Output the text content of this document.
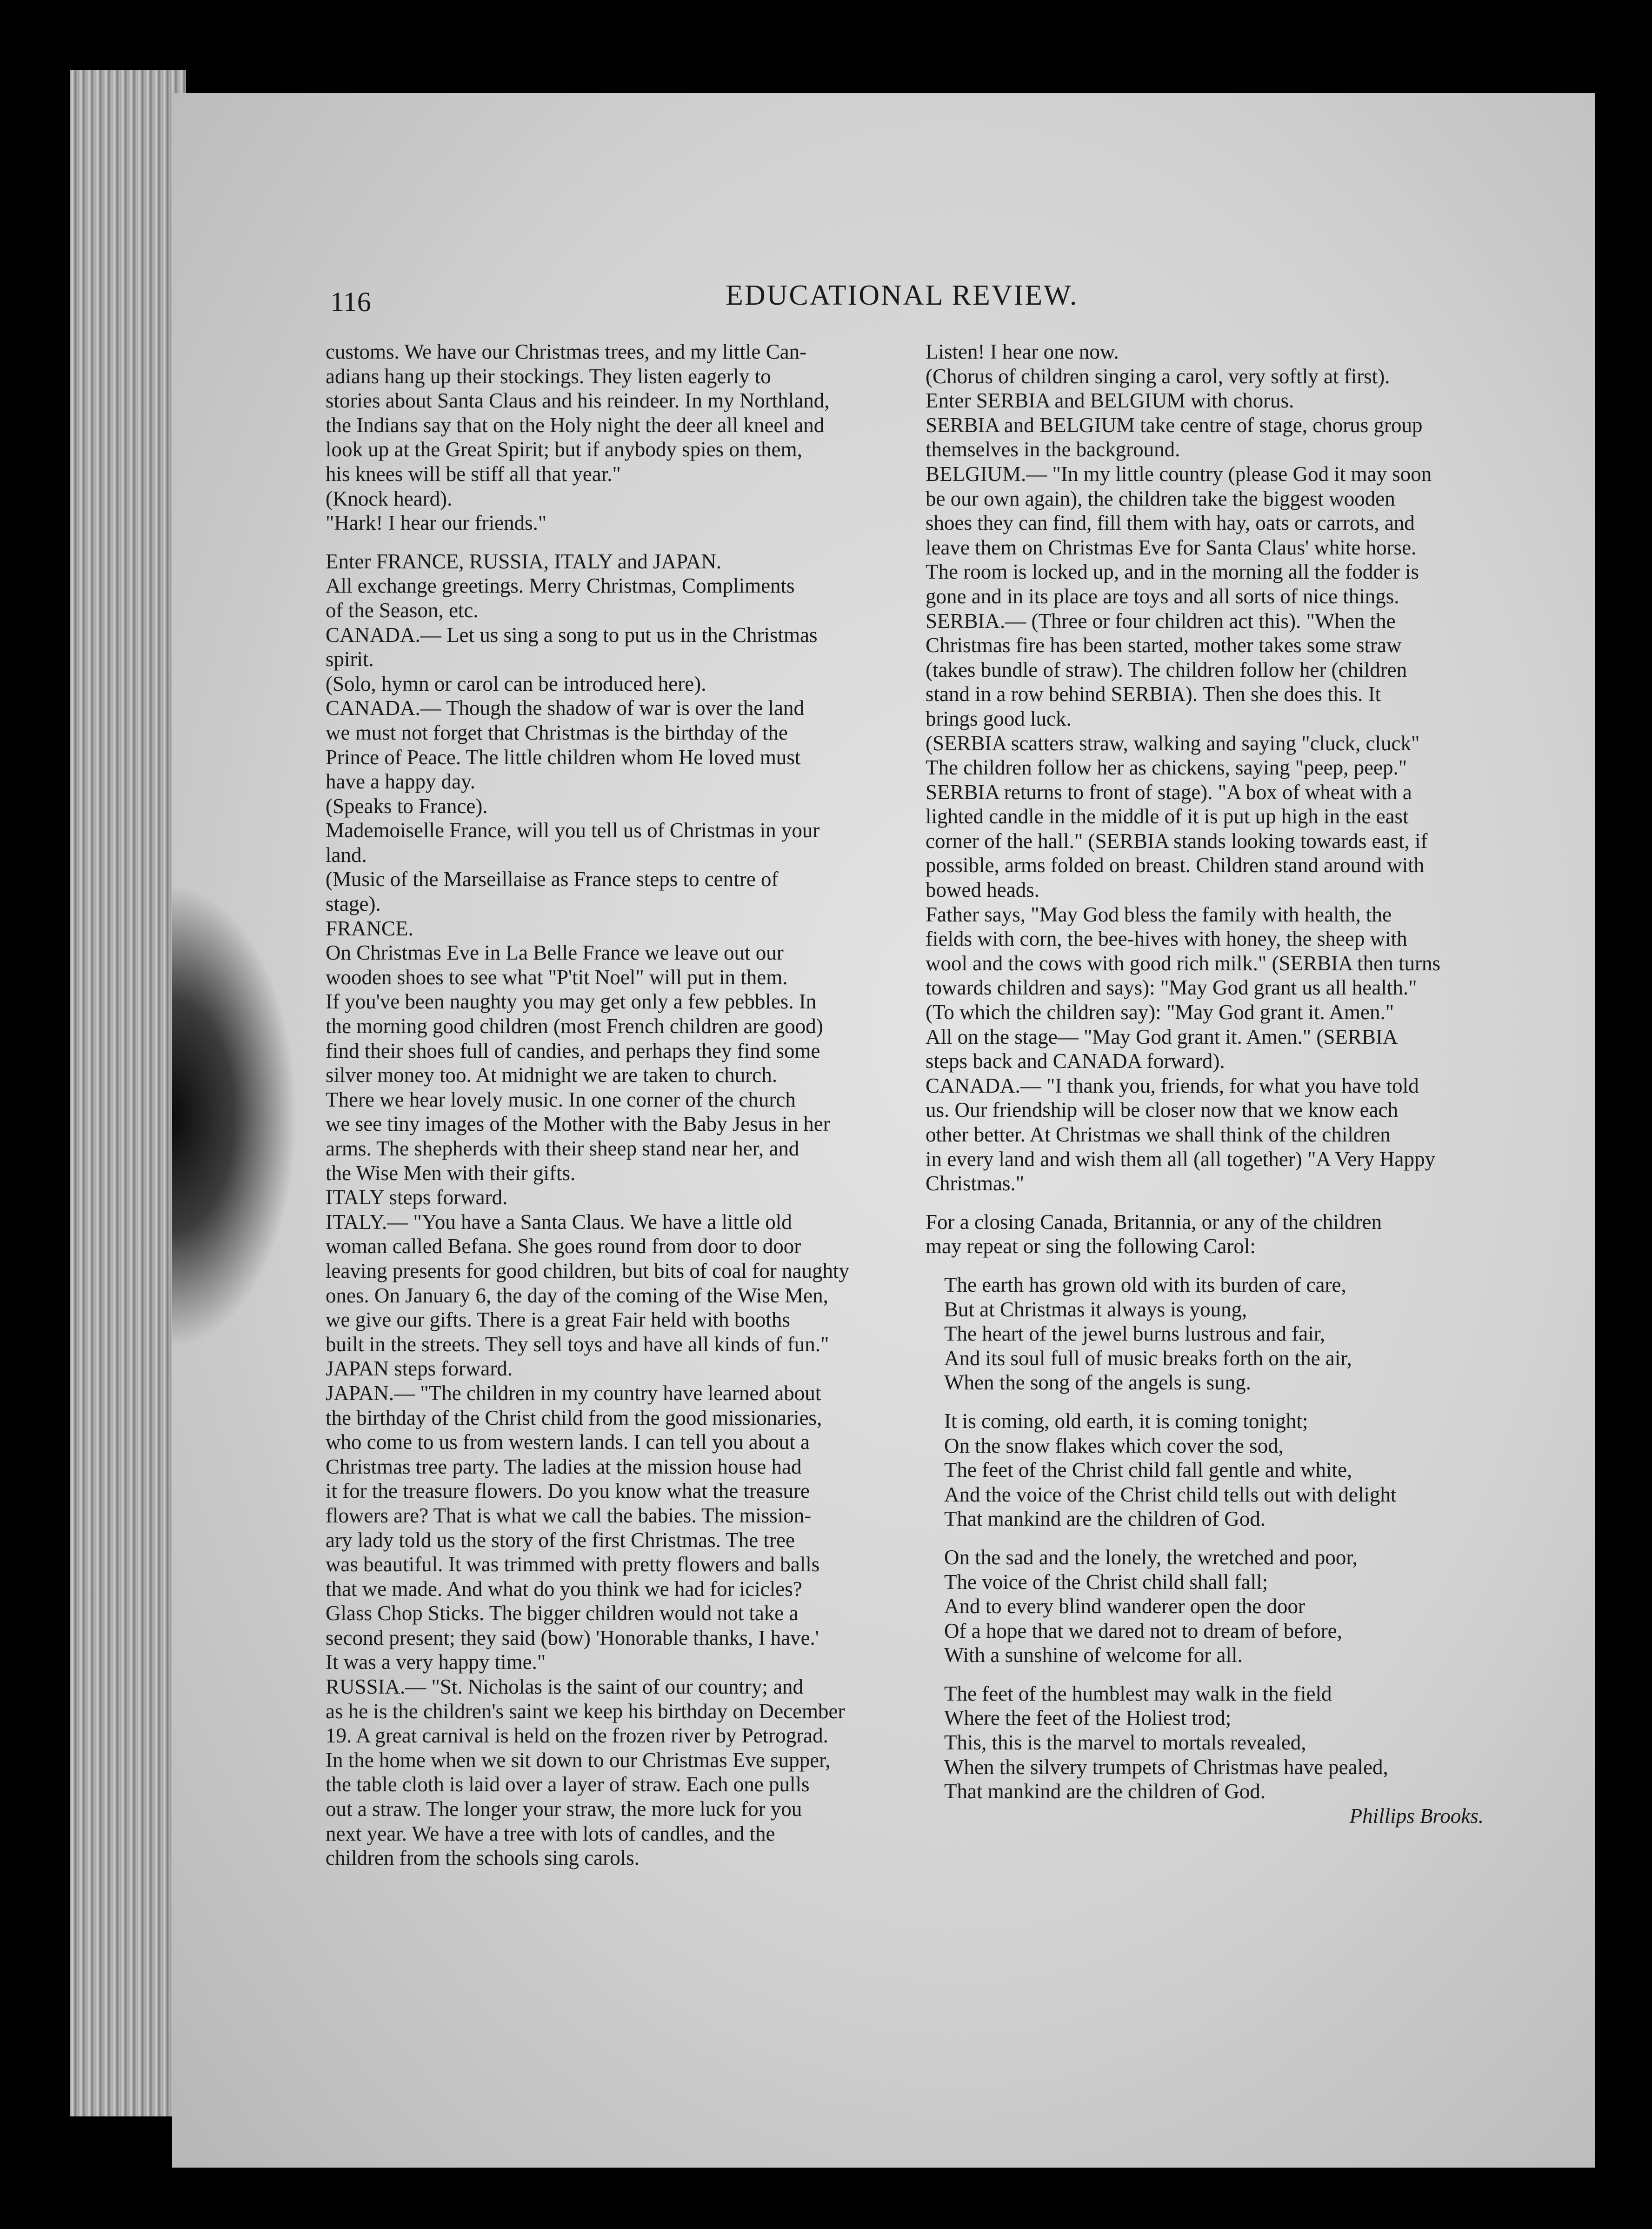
116	EDUCATIONAL REVIEW.
customs. We have our Christmas trees, and my little Can-
adians hang up their stockings. They listen eagerly to
stories about Santa Claus and his reindeer. In my Northland,
the Indians say that on the Holy night the deer all kneel and
look up at the Great Spirit; but if anybody spies on them,
his knees will be stiff all that year."
(Knock heard).
"Hark! I hear our friends."
Enter FRANCE, RUSSIA, ITALY and JAPAN.
All exchange greetings. Merry Christmas, Compliments
of the Season, etc.
CANADA.— Let us sing a song to put us in the Christmas
spirit.
(Solo, hymn or carol can be introduced here).
CANADA.— Though the shadow of war is over the land
we must not forget that Christmas is the birthday of the
Prince of Peace. The little children whom He loved must
have a happy day.
(Speaks to France).
Mademoiselle France, will you tell us of Christmas in your
land.
(Music of the Marseillaise as France steps to centre of
stage).
FRANCE.
On Christmas Eve in La Belle France we leave out our
wooden shoes to see what "P'tit Noel" will put in them.
If you've been naughty you may get only a few pebbles. In
the morning good children (most French children are good)
find their shoes full of candies, and perhaps they find some
silver money too. At midnight we are taken to church.
There we hear lovely music. In one corner of the church
we see tiny images of the Mother with the Baby Jesus in her
arms. The shepherds with their sheep stand near her, and
the Wise Men with their gifts.
ITALY steps forward.
ITALY.— "You have a Santa Claus. We have a little old
woman called Befana. She goes round from door to door
leaving presents for good children, but bits of coal for naughty
ones. On January 6, the day of the coming of the Wise Men,
we give our gifts. There is a great Fair held with booths
built in the streets. They sell toys and have all kinds of fun."
JAPAN steps forward.
JAPAN.— "The children in my country have learned about
the birthday of the Christ child from the good missionaries,
who come to us from western lands. I can tell you about a
Christmas tree party. The ladies at the mission house had
it for the treasure flowers. Do you know what the treasure
flowers are? That is what we call the babies. The mission-
ary lady told us the story of the first Christmas. The tree
was beautiful. It was trimmed with pretty flowers and balls
that we made. And what do you think we had for icicles?
Glass Chop Sticks. The bigger children would not take a
second present; they said (bow) 'Honorable thanks, I have.'
It was a very happy time."
RUSSIA.— "St. Nicholas is the saint of our country; and
as he is the children's saint we keep his birthday on December
19. A great carnival is held on the frozen river by Petrograd.
In the home when we sit down to our Christmas Eve supper,
the table cloth is laid over a layer of straw. Each one pulls
out a straw. The longer your straw, the more luck for you
next year. We have a tree with lots of candles, and the
children from the schools sing carols.
Listen! I hear one now.
(Chorus of children singing a carol, very softly at first).
Enter SERBIA and BELGIUM with chorus.
SERBIA and BELGIUM take centre of stage, chorus group
themselves in the background.
BELGIUM.— "In my little country (please God it may soon
be our own again), the children take the biggest wooden
shoes they can find, fill them with hay, oats or carrots, and
leave them on Christmas Eve for Santa Claus' white horse.
The room is locked up, and in the morning all the fodder is
gone and in its place are toys and all sorts of nice things.
SERBIA.— (Three or four children act this). "When the
Christmas fire has been started, mother takes some straw
(takes bundle of straw). The children follow her (children
stand in a row behind SERBIA). Then she does this. It
brings good luck.
(SERBIA scatters straw, walking and saying "cluck, cluck"
The children follow her as chickens, saying "peep, peep."
SERBIA returns to front of stage). "A box of wheat with a
lighted candle in the middle of it is put up high in the east
corner of the hall." (SERBIA stands looking towards east, if
possible, arms folded on breast. Children stand around with
bowed heads.
Father says, "May God bless the family with health, the
fields with corn, the bee-hives with honey, the sheep with
wool and the cows with good rich milk." (SERBIA then turns
towards children and says): "May God grant us all health."
(To which the children say): "May God grant it. Amen."
All on the stage— "May God grant it. Amen." (SERBIA
steps back and CANADA forward).
CANADA.— "I thank you, friends, for what you have told
us. Our friendship will be closer now that we know each
other better. At Christmas we shall think of the children
in every land and wish them all (all together) "A Very Happy
Christmas."
For a closing Canada, Britannia, or any of the children
may repeat or sing the following Carol:
The earth has grown old with its burden of care,
But at Christmas it always is young,
The heart of the jewel burns lustrous and fair,
And its soul full of music breaks forth on the air,
When the song of the angels is sung.
It is coming, old earth, it is coming tonight;
On the snow flakes which cover the sod,
The feet of the Christ child fall gentle and white,
And the voice of the Christ child tells out with delight
That mankind are the children of God.
On the sad and the lonely, the wretched and poor,
The voice of the Christ child shall fall;
And to every blind wanderer open the door
Of a hope that we dared not to dream of before,
With a sunshine of welcome for all.
The feet of the humblest may walk in the field
Where the feet of the Holiest trod;
This, this is the marvel to mortals revealed,
When the silvery trumpets of Christmas have pealed,
That mankind are the children of God.
Phillips Brooks.
